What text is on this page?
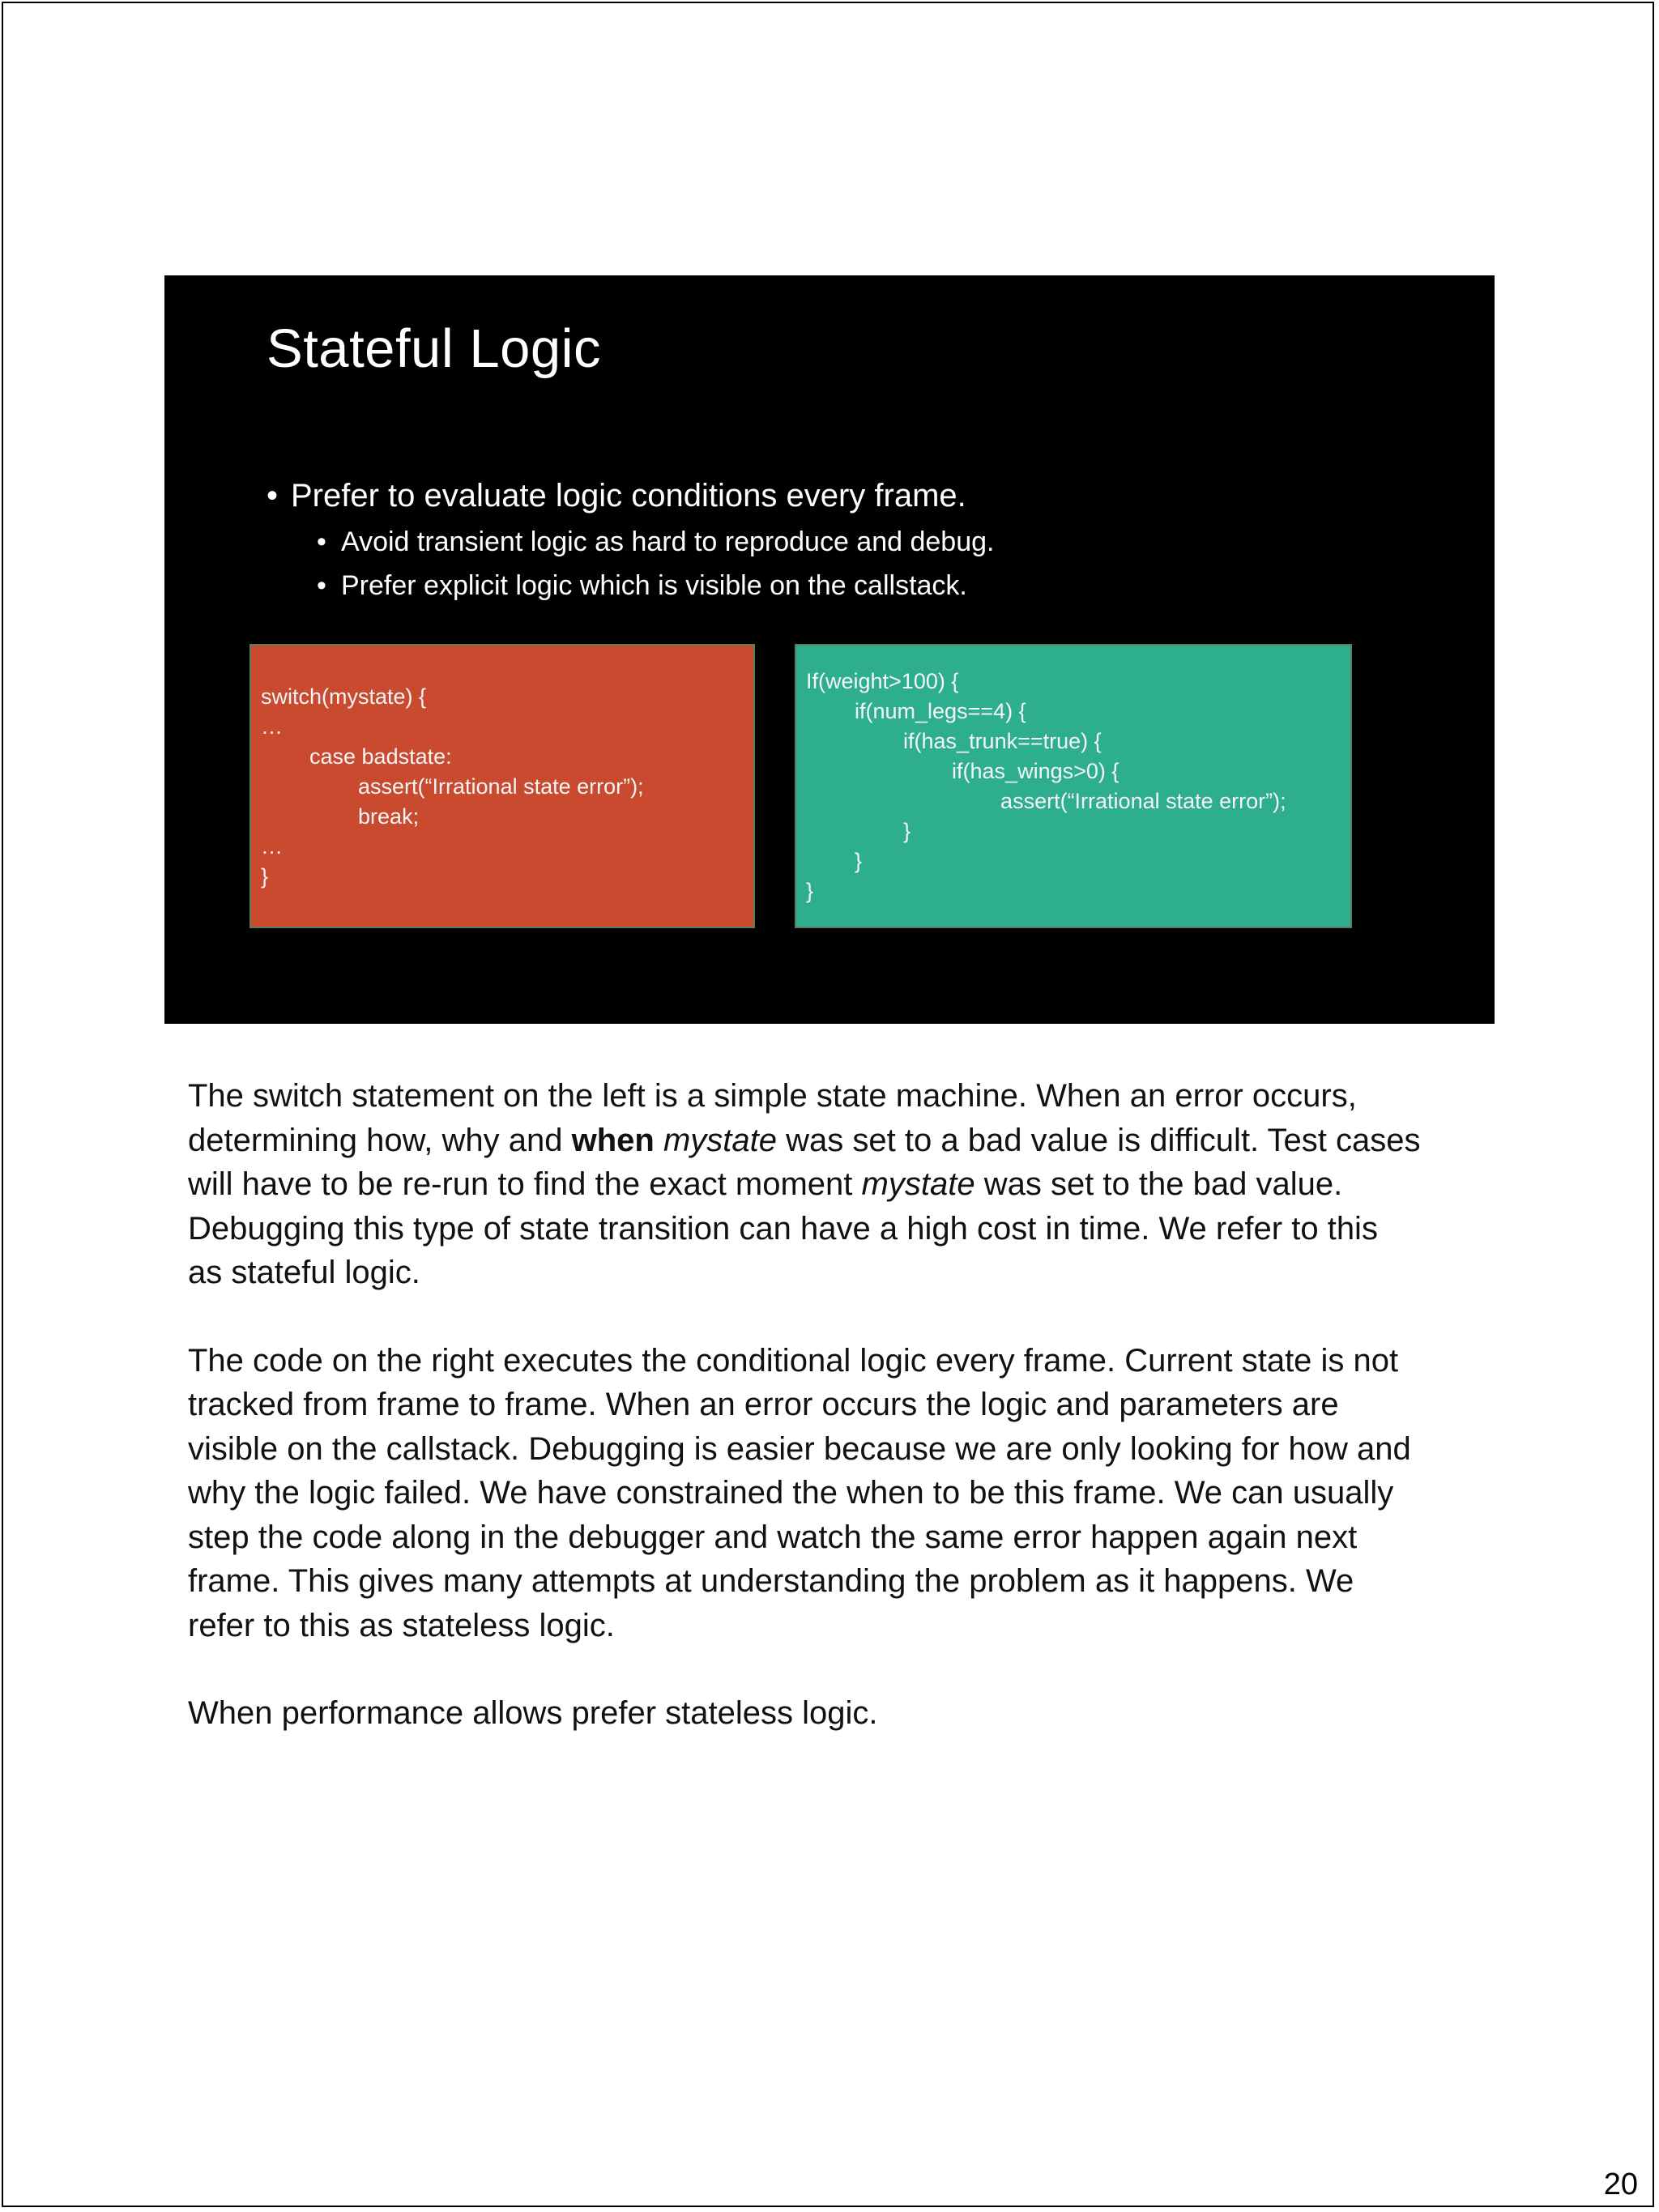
Stateful Logic
• Prefer to evaluate logic conditions every frame.
• Avoid transient logic as hard to reproduce and debug.
• Prefer explicit logic which is visible on the callstack.
switch(mystate) {
…
case badstate:
assert(“Irrational state error”);
break;
…
}
If(weight>100) {
if(num_legs==4) {
if(has_trunk==true) {
if(has_wings>0) {
assert(“Irrational state error”);
}
}
}

The switch statement on the left is a simple state machine. When an error occurs,
determining how, why and when mystate was set to a bad value is difficult. Test cases
will have to be re-run to find the exact moment mystate was set to the bad value.
Debugging this type of state transition can have a high cost in time. We refer to this
as stateful logic.

The code on the right executes the conditional logic every frame. Current state is not
tracked from frame to frame. When an error occurs the logic and parameters are
visible on the callstack. Debugging is easier because we are only looking for how and
why the logic failed. We have constrained the when to be this frame. We can usually
step the code along in the debugger and watch the same error happen again next
frame. This gives many attempts at understanding the problem as it happens. We
refer to this as stateless logic.

When performance allows prefer stateless logic.

20
